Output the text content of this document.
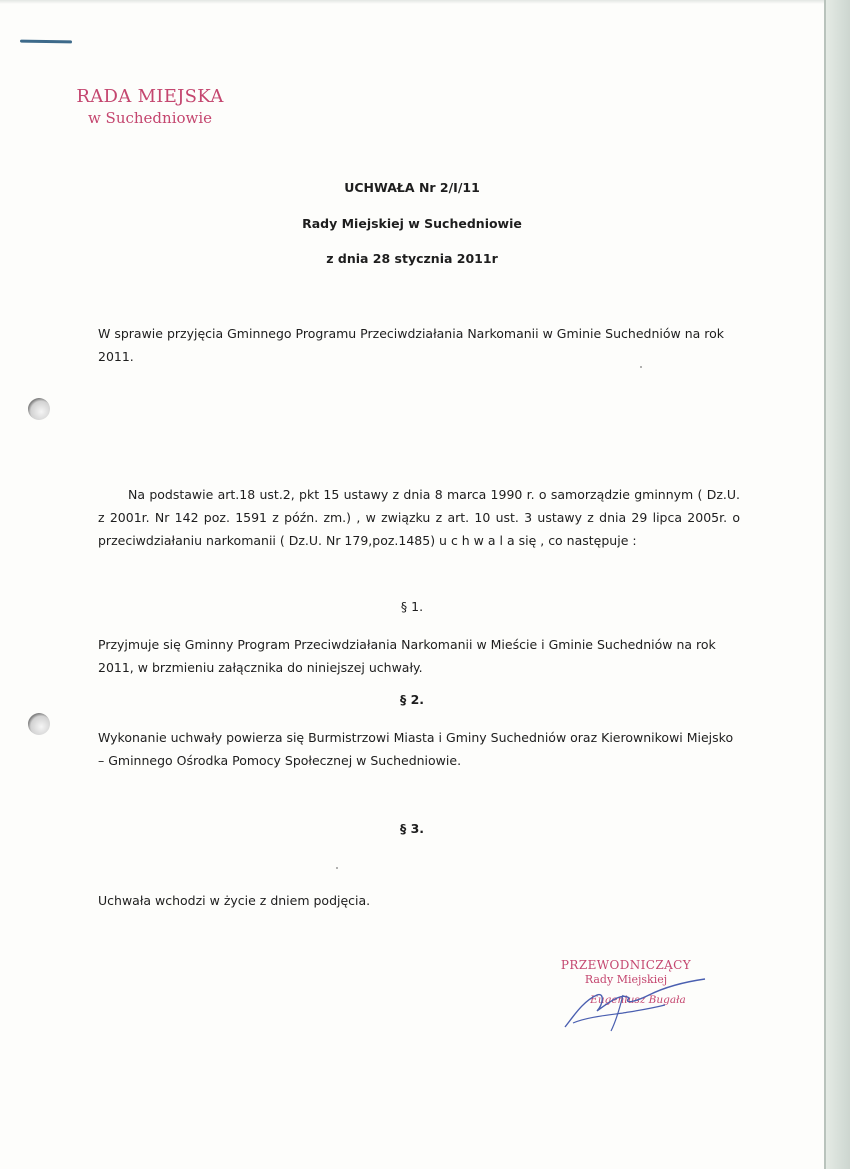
RADA MIEJSKA
w Suchedniowie
UCHWAŁA Nr 2/I/11
Rady Miejskiej w Suchedniowie
z dnia 28 stycznia 2011r
W sprawie przyjęcia Gminnego Programu Przeciwdziałania Narkomanii w Gminie Suchedniów na rok 2011.
Na podstawie art.18 ust.2, pkt 15 ustawy z dnia 8 marca 1990 r. o samorządzie gminnym ( Dz.U. z 2001r. Nr 142 poz. 1591 z późn. zm.) , w związku z art. 10 ust. 3 ustawy z dnia 29 lipca 2005r. o przeciwdziałaniu narkomanii ( Dz.U. Nr 179,poz.1485) u c h w a l a się , co następuje :
§ 1.
Przyjmuje się Gminny Program Przeciwdziałania Narkomanii w Mieście i Gminie Suchedniów na rok 2011, w brzmieniu załącznika do niniejszej uchwały.
§ 2.
Wykonanie uchwały powierza się Burmistrzowi Miasta i Gminy Suchedniów oraz Kierownikowi Miejsko – Gminnego Ośrodka Pomocy Społecznej w Suchedniowie.
§ 3.
Uchwała wchodzi w życie z dniem podjęcia.
PRZEWODNICZĄCY
Rady Miejskiej
Eugeniusz Bugała
